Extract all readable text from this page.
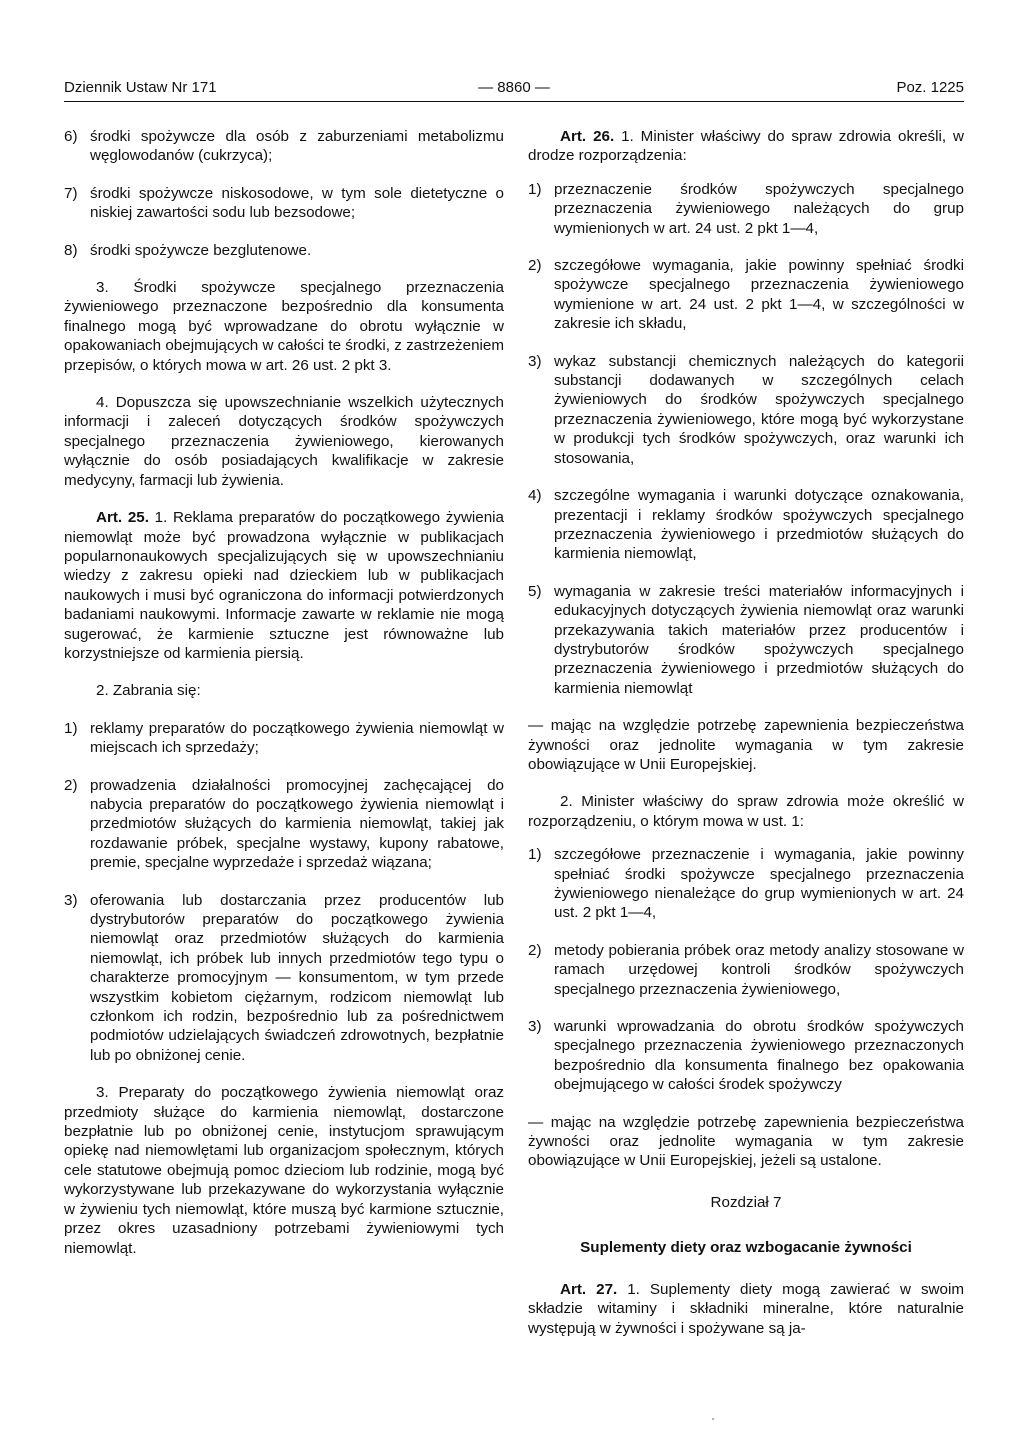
Dziennik Ustaw Nr 171	— 8860 —	Poz. 1225
6) środki spożywcze dla osób z zaburzeniami metabolizmu węglowodanów (cukrzyca);
7) środki spożywcze niskosodowe, w tym sole dietetyczne o niskiej zawartości sodu lub bezsodowe;
8) środki spożywcze bezglutenowe.

3. Środki spożywcze specjalnego przeznaczenia żywieniowego przeznaczone bezpośrednio dla konsumenta finalnego mogą być wprowadzane do obrotu wyłącznie w opakowaniach obejmujących w całości te środki, z zastrzeżeniem przepisów, o których mowa w art. 26 ust. 2 pkt 3.

4. Dopuszcza się upowszechnianie wszelkich użytecznych informacji i zaleceń dotyczących środków spożywczych specjalnego przeznaczenia żywieniowego, kierowanych wyłącznie do osób posiadających kwalifikacje w zakresie medycyny, farmacji lub żywienia.

Art. 25. 1. Reklama preparatów do początkowego żywienia niemowląt może być prowadzona wyłącznie w publikacjach popularnonaukowych specjalizujących się w upowszechnianiu wiedzy z zakresu opieki nad dzieckiem lub w publikacjach naukowych i musi być ograniczona do informacji potwierdzonych badaniami naukowymi. Informacje zawarte w reklamie nie mogą sugerować, że karmienie sztuczne jest równoważne lub korzystniejsze od karmienia piersią.

2. Zabrania się:

1) reklamy preparatów do początkowego żywienia niemowląt w miejscach ich sprzedaży;
2) prowadzenia działalności promocyjnej zachęcającej do nabycia preparatów do początkowego żywienia niemowląt i przedmiotów służących do karmienia niemowląt, takiej jak rozdawanie próbek, specjalne wystawy, kupony rabatowe, premie, specjalne wyprzedaże i sprzedaż wiązana;
3) oferowania lub dostarczania przez producentów lub dystrybutorów preparatów do początkowego żywienia niemowląt oraz przedmiotów służących do karmienia niemowląt, ich próbek lub innych przedmiotów tego typu o charakterze promocyjnym — konsumentom, w tym przede wszystkim kobietom ciężarnym, rodzicom niemowląt lub członkom ich rodzin, bezpośrednio lub za pośrednictwem podmiotów udzielających świadczeń zdrowotnych, bezpłatnie lub po obniżonej cenie.

3. Preparaty do początkowego żywienia niemowląt oraz przedmioty służące do karmienia niemowląt, dostarczone bezpłatnie lub po obniżonej cenie, instytucjom sprawującym opiekę nad niemowlętami lub organizacjom społecznym, których cele statutowe obejmują pomoc dzieciom lub rodzinie, mogą być wykorzystywane lub przekazywane do wykorzystania wyłącznie w żywieniu tych niemowląt, które muszą być karmione sztucznie, przez okres uzasadniony potrzebami żywieniowymi tych niemowląt.

Art. 26. 1. Minister właściwy do spraw zdrowia określi, w drodze rozporządzenia:

1) przeznaczenie środków spożywczych specjalnego przeznaczenia żywieniowego należących do grup wymienionych w art. 24 ust. 2 pkt 1—4,
2) szczegółowe wymagania, jakie powinny spełniać środki spożywcze specjalnego przeznaczenia żywieniowego wymienione w art. 24 ust. 2 pkt 1—4, w szczególności w zakresie ich składu,
3) wykaz substancji chemicznych należących do kategorii substancji dodawanych w szczególnych celach żywieniowych do środków spożywczych specjalnego przeznaczenia żywieniowego, które mogą być wykorzystane w produkcji tych środków spożywczych, oraz warunki ich stosowania,
4) szczególne wymagania i warunki dotyczące oznakowania, prezentacji i reklamy środków spożywczych specjalnego przeznaczenia żywieniowego i przedmiotów służących do karmienia niemowląt,
5) wymagania w zakresie treści materiałów informacyjnych i edukacyjnych dotyczących żywienia niemowląt oraz warunki przekazywania takich materiałów przez producentów i dystrybutorów środków spożywczych specjalnego przeznaczenia żywieniowego i przedmiotów służących do karmienia niemowląt

— mając na względzie potrzebę zapewnienia bezpieczeństwa żywności oraz jednolite wymagania w tym zakresie obowiązujące w Unii Europejskiej.

2. Minister właściwy do spraw zdrowia może określić w rozporządzeniu, o którym mowa w ust. 1:

1) szczegółowe przeznaczenie i wymagania, jakie powinny spełniać środki spożywcze specjalnego przeznaczenia żywieniowego nienależące do grup wymienionych w art. 24 ust. 2 pkt 1—4,
2) metody pobierania próbek oraz metody analizy stosowane w ramach urzędowej kontroli środków spożywczych specjalnego przeznaczenia żywieniowego,
3) warunki wprowadzania do obrotu środków spożywczych specjalnego przeznaczenia żywieniowego przeznaczonych bezpośrednio dla konsumenta finalnego bez opakowania obejmującego w całości środek spożywczy

— mając na względzie potrzebę zapewnienia bezpieczeństwa żywności oraz jednolite wymagania w tym zakresie obowiązujące w Unii Europejskiej, jeżeli są ustalone.

Rozdział 7
Suplementy diety oraz wzbogacanie żywności

Art. 27. 1. Suplementy diety mogą zawierać w swoim składzie witaminy i składniki mineralne, które naturalnie występują w żywności i spożywane są ja-
